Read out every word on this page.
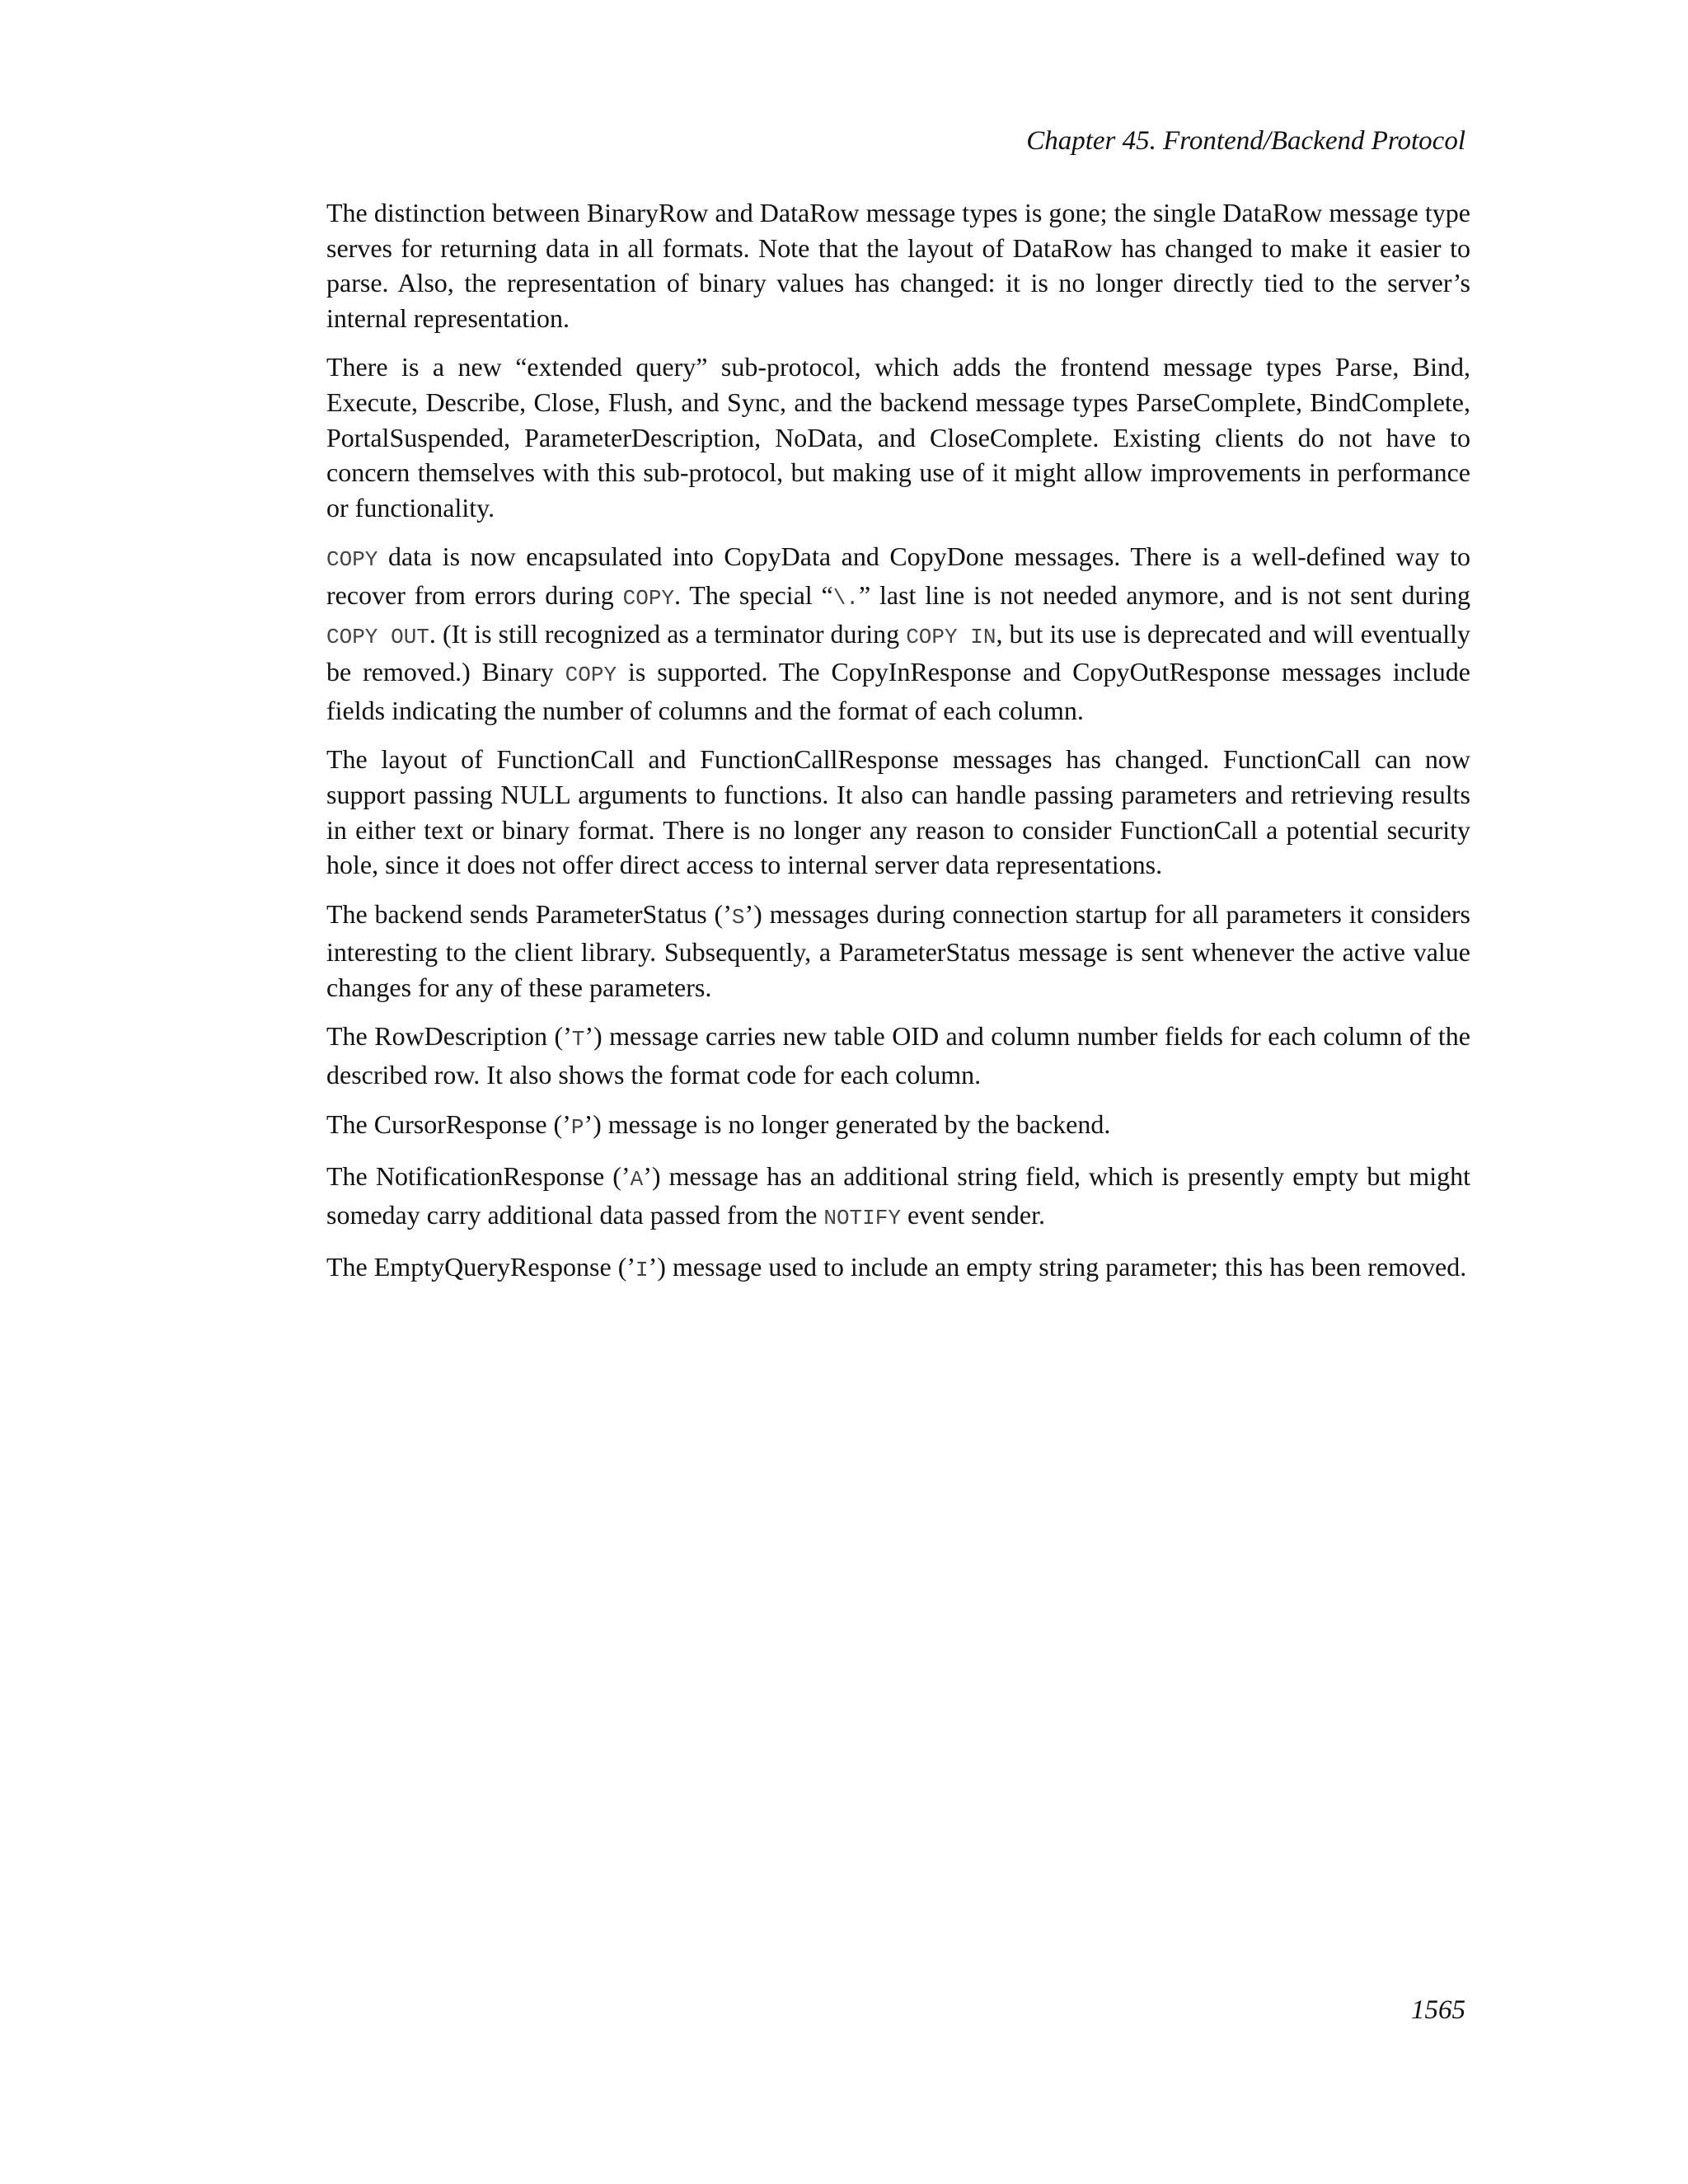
Chapter 45. Frontend/Backend Protocol

The distinction between BinaryRow and DataRow message types is gone; the single DataRow message type serves for returning data in all formats. Note that the layout of DataRow has changed to make it easier to parse. Also, the representation of binary values has changed: it is no longer directly tied to the server’s internal representation.

There is a new “extended query” sub-protocol, which adds the frontend message types Parse, Bind, Execute, Describe, Close, Flush, and Sync, and the backend message types ParseComplete, BindComplete, PortalSuspended, ParameterDescription, NoData, and CloseComplete. Existing clients do not have to concern themselves with this sub-protocol, but making use of it might allow improvements in performance or functionality.

COPY data is now encapsulated into CopyData and CopyDone messages. There is a well-defined way to recover from errors during COPY. The special “\.” last line is not needed anymore, and is not sent during COPY OUT. (It is still recognized as a terminator during COPY IN, but its use is deprecated and will eventually be removed.) Binary COPY is supported. The CopyInResponse and CopyOutResponse messages include fields indicating the number of columns and the format of each column.

The layout of FunctionCall and FunctionCallResponse messages has changed. FunctionCall can now support passing NULL arguments to functions. It also can handle passing parameters and retrieving results in either text or binary format. There is no longer any reason to consider FunctionCall a potential security hole, since it does not offer direct access to internal server data representations.

The backend sends ParameterStatus (’S’) messages during connection startup for all parameters it considers interesting to the client library. Subsequently, a ParameterStatus message is sent whenever the active value changes for any of these parameters.

The RowDescription (’T’) message carries new table OID and column number fields for each column of the described row. It also shows the format code for each column.

The CursorResponse (’P’) message is no longer generated by the backend.

The NotificationResponse (’A’) message has an additional string field, which is presently empty but might someday carry additional data passed from the NOTIFY event sender.

The EmptyQueryResponse (’I’) message used to include an empty string parameter; this has been removed.

1565
